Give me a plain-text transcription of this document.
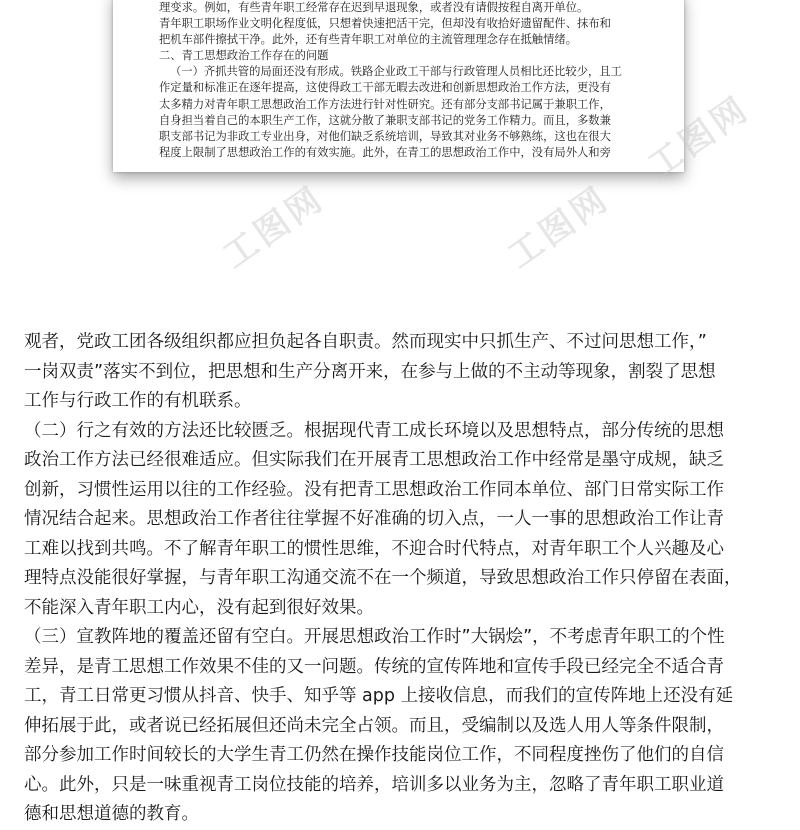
理变求。例如，有些青年职工经常存在迟到早退现象，或者没有请假按程自离开单位。

青年职工职场作业文明化程度低，只想着快速把活干完，但却没有收拾好遗留配件、抹布和

把机车部件擦拭干净。此外，还有些青年职工对单位的主流管理理念存在抵触情绪。

二、青工思想政治工作存在的问题

（一）齐抓共管的局面还没有形成。铁路企业政工干部与行政管理人员相比还比较少，且工

作定量和标准正在逐年提高，这使得政工干部无暇去改进和创新思想政治工作方法，更没有

太多精力对青年职工思想政治工作方法进行针对性研究。还有部分支部书记属于兼职工作，

自身担当着自己的本职生产工作，这就分散了兼职支部书记的党务工作精力。而且，多数兼

职支部书记为非政工专业出身，对他们缺乏系统培训，导致其对业务不够熟练，这也在很大

程度上限制了思想政治工作的有效实施。此外，在青工的思想政治工作中，没有局外人和旁

工图网	工图网
工图网

观者，党政工团各级组织都应担负起各自职责。然而现实中只抓生产、不过问思想工作，”

一岗双责”落实不到位，把思想和生产分离开来，在参与上做的不主动等现象，割裂了思想

工作与行政工作的有机联系。

（二）行之有效的方法还比较匮乏。根据现代青工成长环境以及思想特点，部分传统的思想

政治工作方法已经很难适应。但实际我们在开展青工思想政治工作中经常是墨守成规，缺乏

创新，习惯性运用以往的工作经验。没有把青工思想政治工作同本单位、部门日常实际工作

情况结合起来。思想政治工作者往往掌握不好准确的切入点，一人一事的思想政治工作让青

工难以找到共鸣。不了解青年职工的惯性思维，不迎合时代特点，对青年职工个人兴趣及心

理特点没能很好掌握，与青年职工沟通交流不在一个频道，导致思想政治工作只停留在表面，

不能深入青年职工内心，没有起到很好效果。

（三）宣教阵地的覆盖还留有空白。开展思想政治工作时”大锅烩”，不考虑青年职工的个性

差异，是青工思想工作效果不佳的又一问题。传统的宣传阵地和宣传手段已经完全不适合青

工，青工日常更习惯从抖音、快手、知乎等 app 上接收信息，而我们的宣传阵地上还没有延

伸拓展于此，或者说已经拓展但还尚未完全占领。而且，受编制以及选人用人等条件限制，

部分参加工作时间较长的大学生青工仍然在操作技能岗位工作，不同程度挫伤了他们的自信

心。此外，只是一味重视青工岗位技能的培养，培训多以业务为主，忽略了青年职工职业道

德和思想道德的教育。
